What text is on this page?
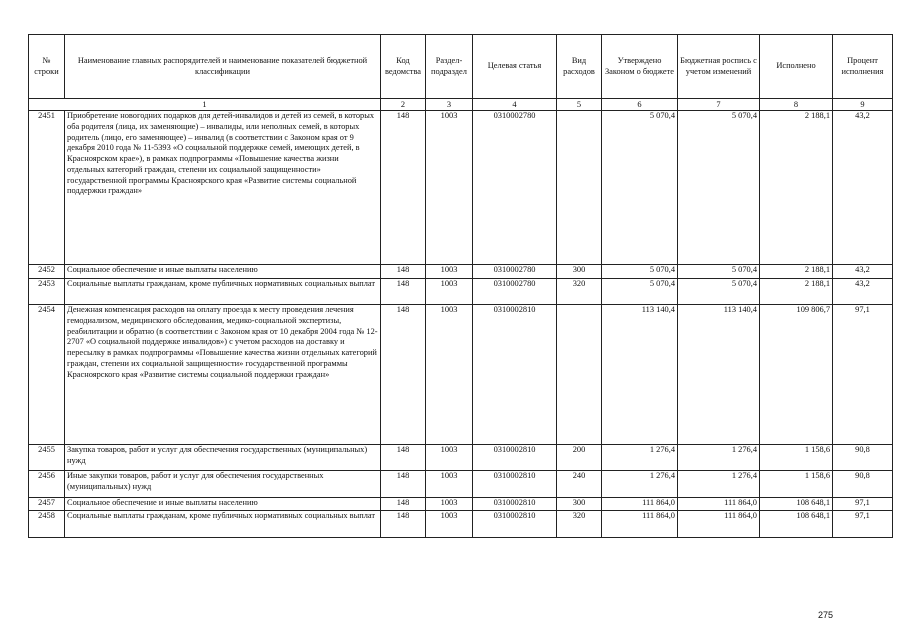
№ строки	Наименование главных распорядителей и наименование показателей бюджетной классификации	Код ведомства	Раздел-подраздел	Целевая статья	Вид расходов	Утверждено Законом о бюджете	Бюджетная роспись с учетом изменений	Исполнено	Процент исполнения
1		2	3	4	5	6	7	8	9
2451	Приобретение новогодних подарков для детей-инвалидов и детей из семей, в которых оба родителя (лица, их заменяющие) – инвалиды, или неполных семей, в которых родитель (лицо, его заменяющее) – инвалид (в соответствии с Законом края от 9 декабря 2010 года № 11-5393 «О социальной поддержке семей, имеющих детей, в Красноярском крае»), в рамках подпрограммы «Повышение качества жизни отдельных категорий граждан, степени их социальной защищенности» государственной программы Красноярского края «Развитие системы социальной поддержки граждан»	148	1003	0310002780		5 070,4	5 070,4	2 188,1	43,2
2452	Социальное обеспечение и иные выплаты населению	148	1003	0310002780	300	5 070,4	5 070,4	2 188,1	43,2
2453	Социальные выплаты гражданам, кроме публичных нормативных социальных выплат	148	1003	0310002780	320	5 070,4	5 070,4	2 188,1	43,2
2454	Денежная компенсация расходов на оплату проезда к месту проведения лечения гемодиализом, медицинского обследования, медико-социальной экспертизы, реабилитации и обратно (в соответствии с Законом края от 10 декабря 2004 года № 12-2707 «О социальной поддержке инвалидов») с учетом расходов на доставку и пересылку в рамках подпрограммы «Повышение качества жизни отдельных категорий граждан, степени их социальной защищенности» государственной программы Красноярского края «Развитие системы социальной поддержки граждан»	148	1003	0310002810		113 140,4	113 140,4	109 806,7	97,1
2455	Закупка товаров, работ и услуг для обеспечения государственных (муниципальных) нужд	148	1003	0310002810	200	1 276,4	1 276,4	1 158,6	90,8
2456	Иные закупки товаров, работ и услуг для обеспечения государственных (муниципальных) нужд	148	1003	0310002810	240	1 276,4	1 276,4	1 158,6	90,8
2457	Социальное обеспечение и иные выплаты населению	148	1003	0310002810	300	111 864,0	111 864,0	108 648,1	97,1
2458	Социальные выплаты гражданам, кроме публичных нормативных социальных выплат	148	1003	0310002810	320	111 864,0	111 864,0	108 648,1	97,1
275
